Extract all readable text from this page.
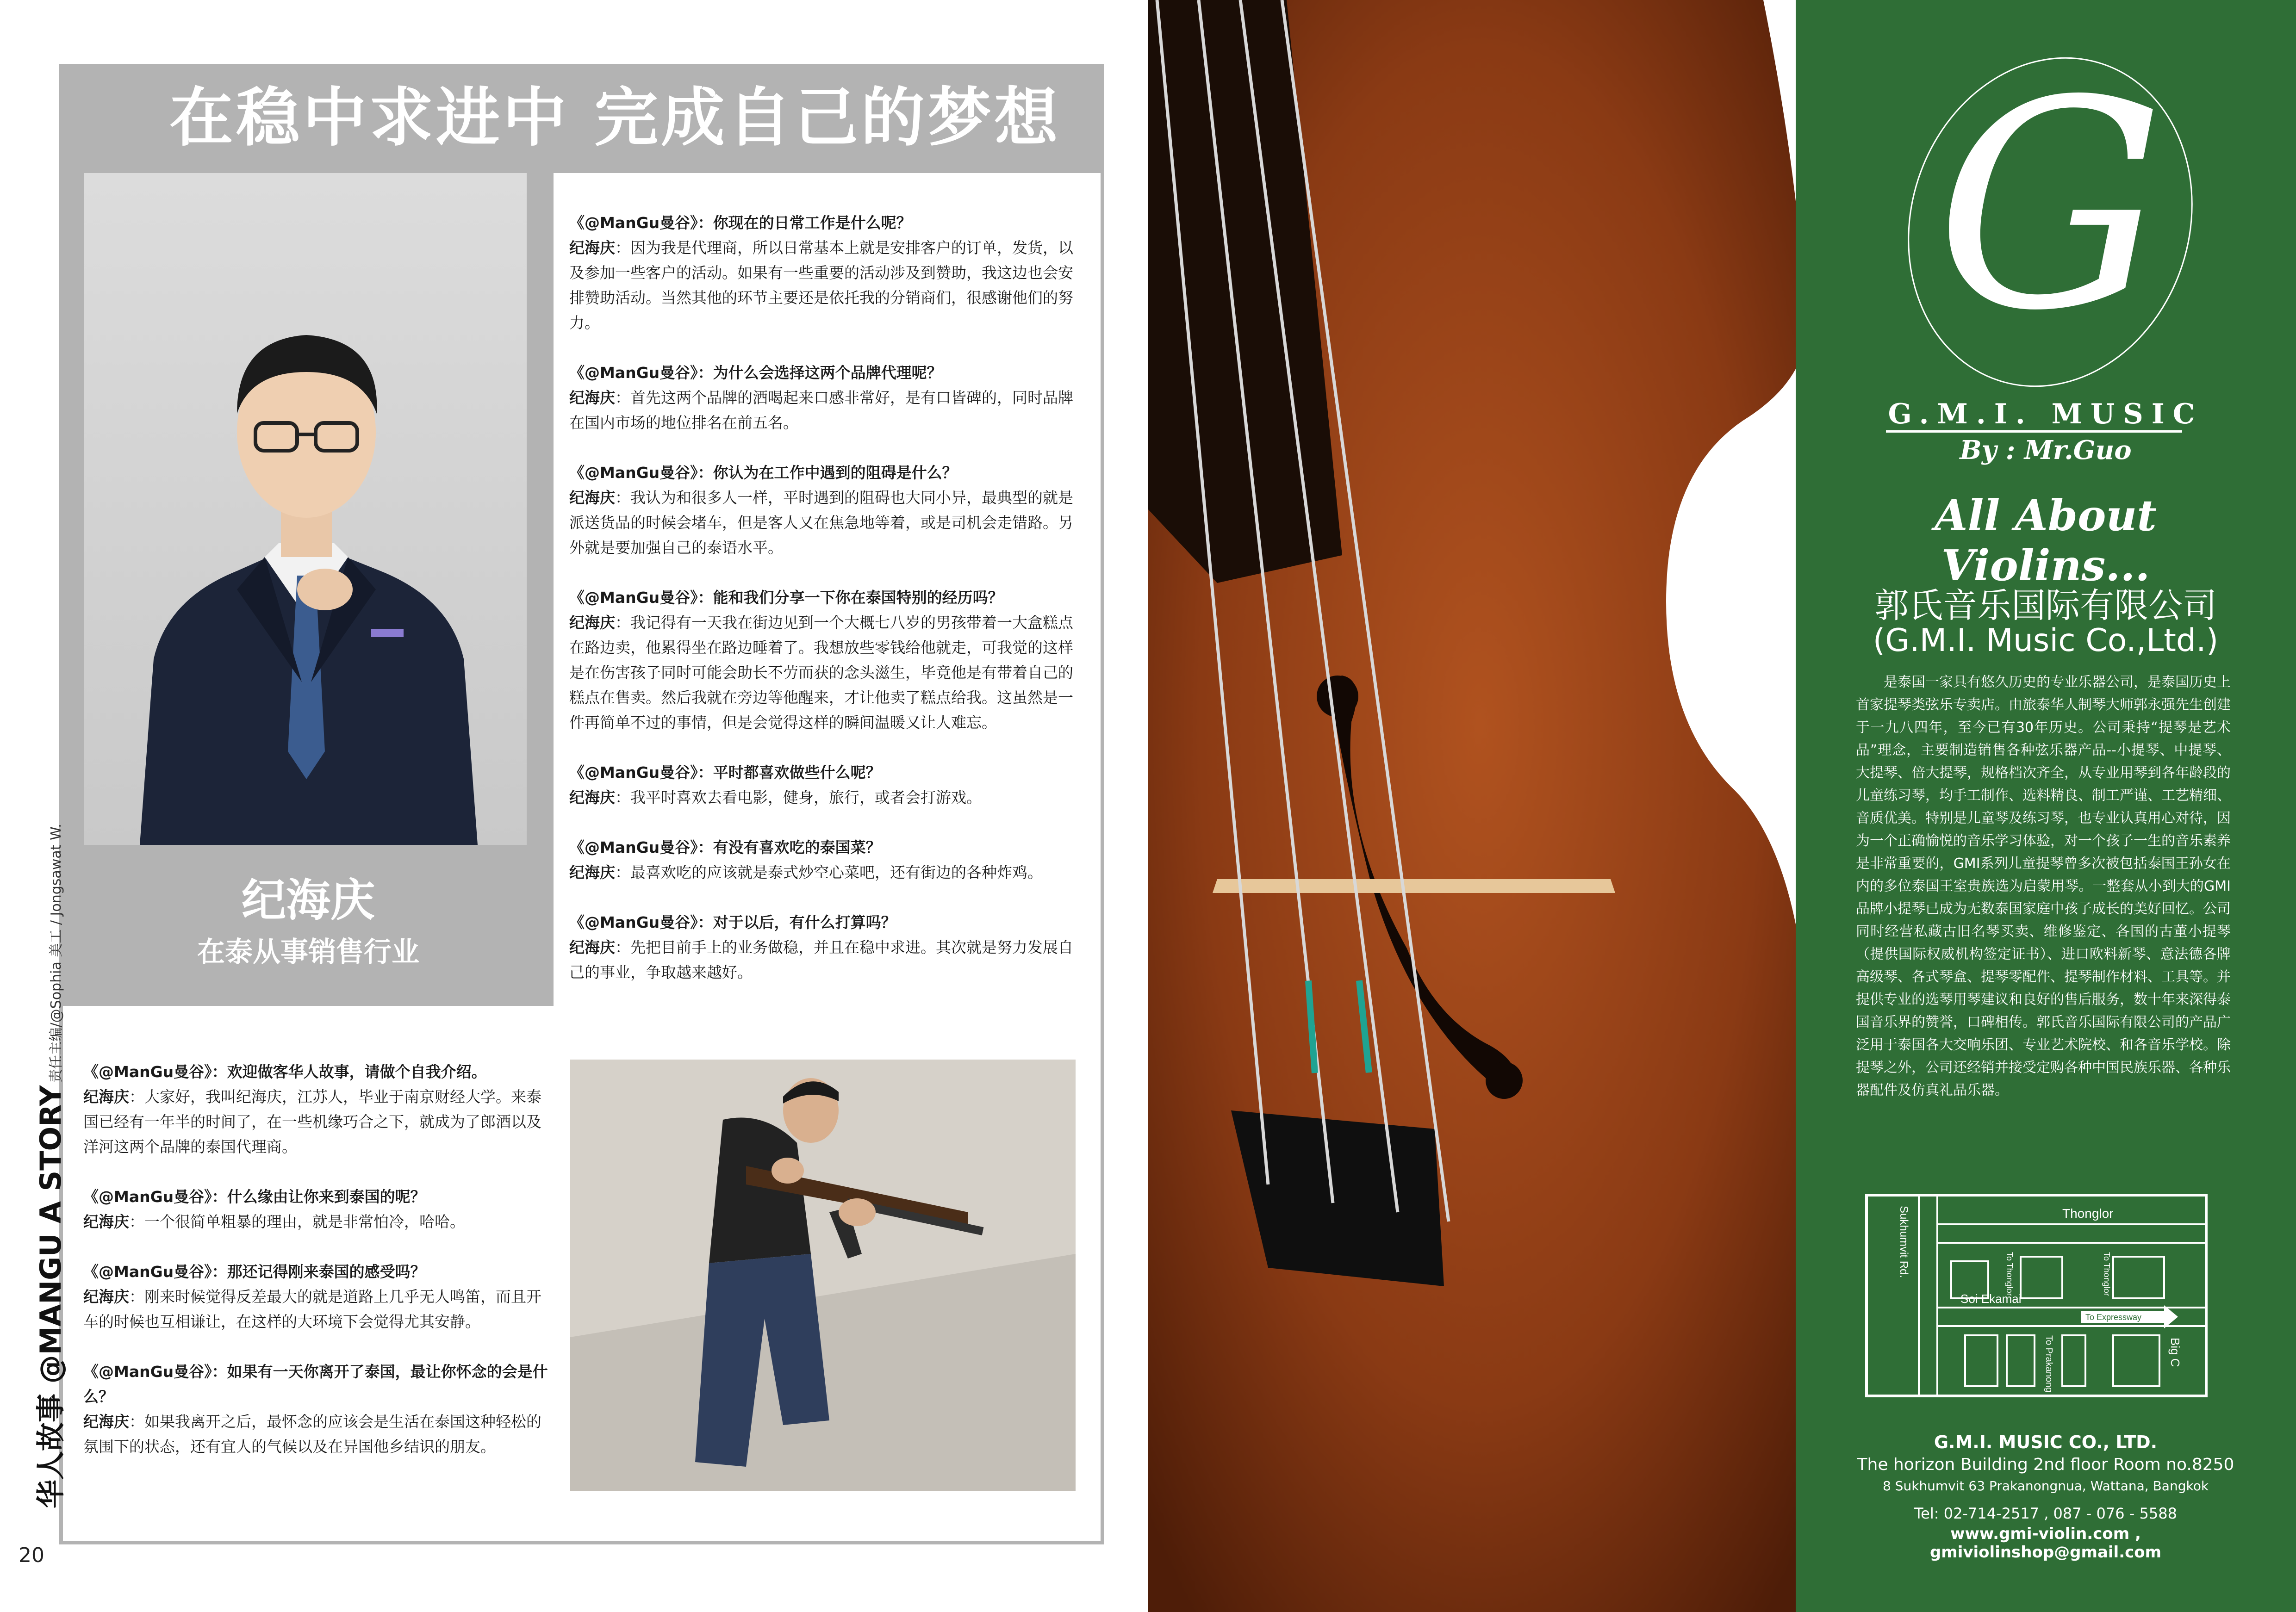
在稳中求进中 完成自己的梦想
纪海庆
在泰从事销售行业
《@ManGu曼谷》：你现在的日常工作是什么呢？
纪海庆：因为我是代理商，所以日常基本上就是安排客户的订单，发货，以及参加一些客户的活动。如果有一些重要的活动涉及到赞助，我这边也会安排赞助活动。当然其他的环节主要还是依托我的分销商们，很感谢他们的努力。
《@ManGu曼谷》：为什么会选择这两个品牌代理呢？
纪海庆：首先这两个品牌的酒喝起来口感非常好，是有口皆碑的，同时品牌在国内市场的地位排名在前五名。
《@ManGu曼谷》：你认为在工作中遇到的阻碍是什么？
纪海庆：我认为和很多人一样，平时遇到的阻碍也大同小异，最典型的就是派送货品的时候会堵车，但是客人又在焦急地等着，或是司机会走错路。另外就是要加强自己的泰语水平。
《@ManGu曼谷》：能和我们分享一下你在泰国特别的经历吗？
纪海庆：我记得有一天我在街边见到一个大概七八岁的男孩带着一大盒糕点在路边卖，他累得坐在路边睡着了。我想放些零钱给他就走，可我觉的这样是在伤害孩子同时可能会助长不劳而获的念头滋生，毕竟他是有带着自己的糕点在售卖。然后我就在旁边等他醒来，才让他卖了糕点给我。这虽然是一件再简单不过的事情，但是会觉得这样的瞬间温暖又让人难忘。
《@ManGu曼谷》：平时都喜欢做些什么呢？
纪海庆：我平时喜欢去看电影，健身，旅行，或者会打游戏。
《@ManGu曼谷》：有没有喜欢吃的泰国菜？
纪海庆：最喜欢吃的应该就是泰式炒空心菜吧，还有街边的各种炸鸡。
《@ManGu曼谷》：对于以后，有什么打算吗？
纪海庆：先把目前手上的业务做稳，并且在稳中求进。其次就是努力发展自己的事业，争取越来越好。
《@ManGu曼谷》：欢迎做客华人故事，请做个自我介绍。
纪海庆：大家好，我叫纪海庆，江苏人，毕业于南京财经大学。来泰国已经有一年半的时间了，在一些机缘巧合之下，就成为了郎酒以及洋河这两个品牌的泰国代理商。
《@ManGu曼谷》：什么缘由让你来到泰国的呢？
纪海庆：一个很简单粗暴的理由，就是非常怕冷，哈哈。
《@ManGu曼谷》：那还记得刚来泰国的感受吗？
纪海庆：刚来时候觉得反差最大的就是道路上几乎无人鸣笛，而且开车的时候也互相谦让，在这样的大环境下会觉得尤其安静。
《@ManGu曼谷》：如果有一天你离开了泰国，最让你怀念的会是什么？
纪海庆：如果我离开之后，最怀念的应该会是生活在泰国这种轻松的氛围下的状态，还有宜人的气候以及在异国他乡结识的朋友。
华人故事 @MANGU A STORY 责任主编/@Sophia 美工 / Jongsawat W.
20
G
G.M.I. MUSIC
By : Mr.Guo
All About Violins...
郭氏音乐国际有限公司
(G.M.I. Music Co.,Ltd.)
是泰国一家具有悠久历史的专业乐器公司，是泰国历史上首家提琴类弦乐专卖店。由旅泰华人制琴大师郭永强先生创建于一九八四年，至今已有30年历史。公司秉持“提琴是艺术品”理念，主要制造销售各种弦乐器产品--小提琴、中提琴、大提琴、倍大提琴，规格档次齐全，从专业用琴到各年龄段的儿童练习琴，均手工制作、选料精良、制工严谨、工艺精细、音质优美。特别是儿童琴及练习琴，也专业认真用心对待，因为一个正确愉悦的音乐学习体验，对一个孩子一生的音乐素养是非常重要的，GMI系列儿童提琴曾多次被包括泰国王孙女在内的多位泰国王室贵族选为启蒙用琴。一整套从小到大的GMI品牌小提琴已成为无数泰国家庭中孩子成长的美好回忆。公司同时经营私藏古旧名琴买卖、维修鉴定、各国的古董小提琴（提供国际权威机构签定证书）、进口欧料新琴、意法德各牌高级琴、各式琴盒、提琴零配件、提琴制作材料、工具等。并提供专业的选琴用琴建议和良好的售后服务，数十年来深得泰国音乐界的赞誉，口碑相传。郭氏音乐国际有限公司的产品广泛用于泰国各大交响乐团、专业艺术院校、和各音乐学校。除提琴之外，公司还经销并接受定购各种中国民族乐器、各种乐器配件及仿真礼品乐器。
Thonglor
Sukhumvit Rd.
Soi Ekamai
To Expressway
To Thonglor	To Thonglor
To Prakanong	Big C
G.M.I. MUSIC CO., LTD.
The horizon Building 2nd floor Room no.8250
8 Sukhumvit 63 Prakanongnua, Wattana, Bangkok
Tel: 02-714-2517 , 087 - 076 - 5588
www.gmi-violin.com , gmiviolinshop@gmail.com
